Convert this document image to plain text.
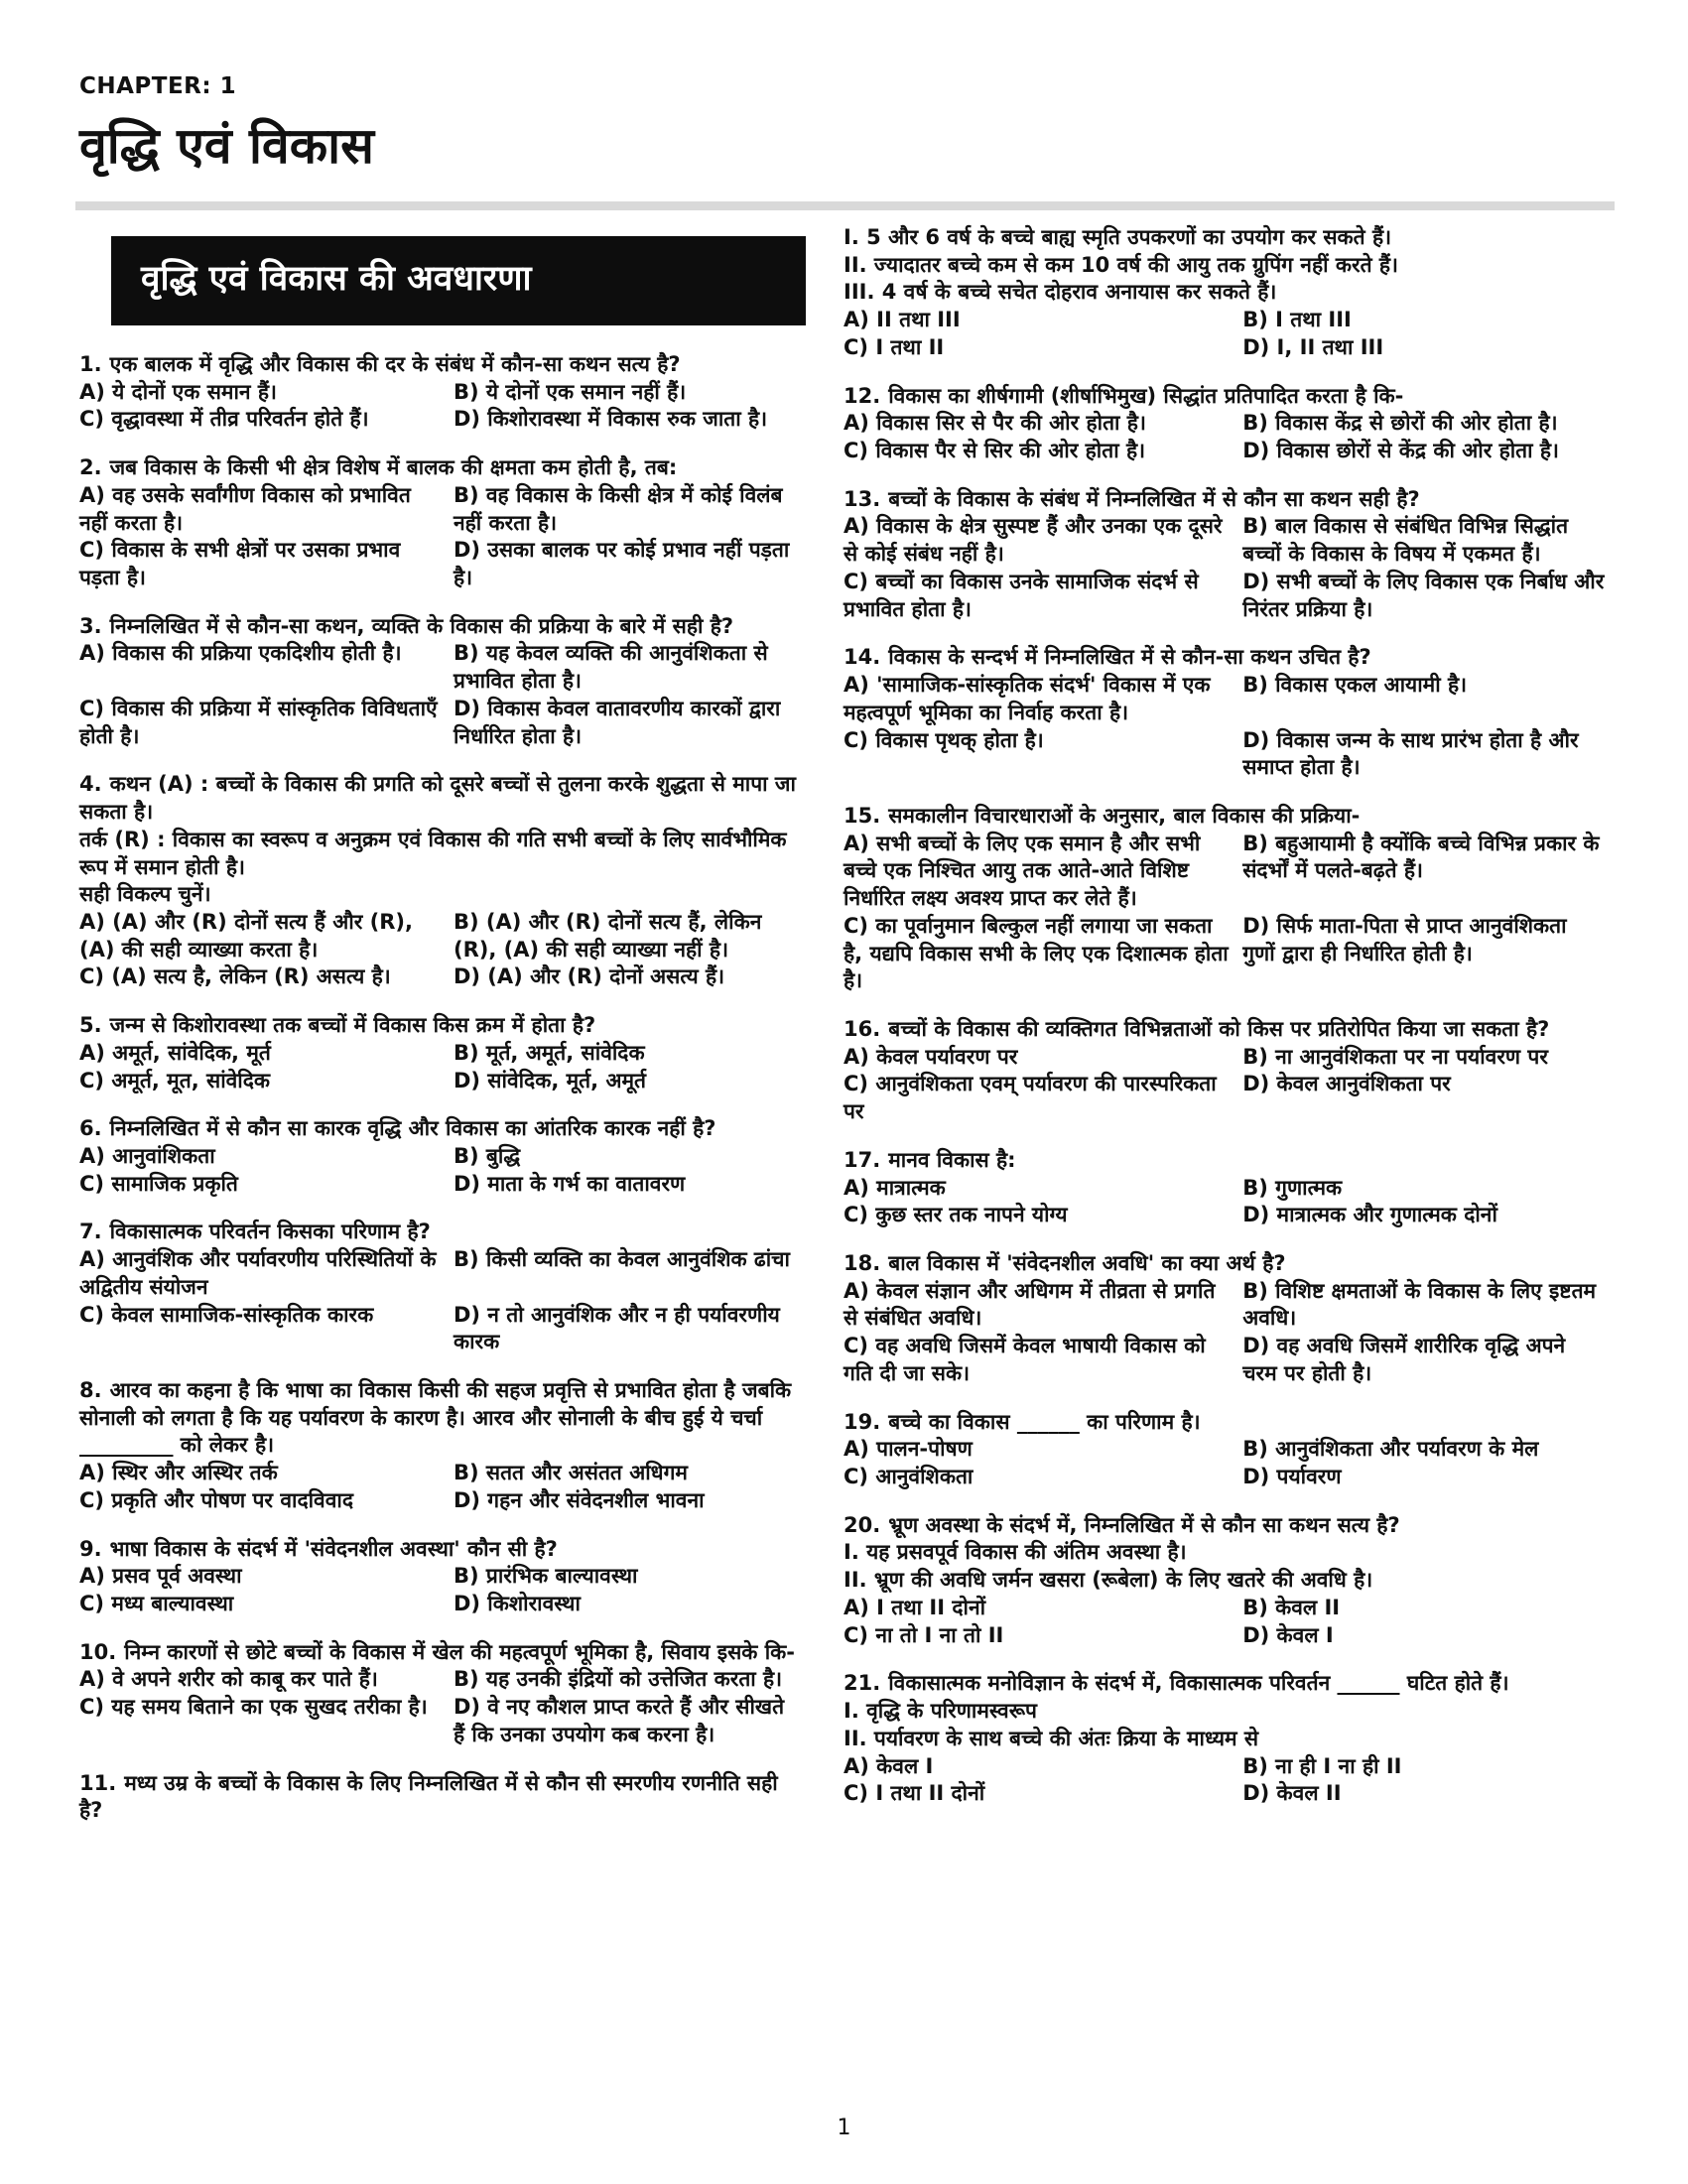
CHAPTER: 1
वृद्धि एवं विकास
वृद्धि एवं विकास की अवधारणा
1. एक बालक में वृद्धि और विकास की दर के संबंध में कौन-सा कथन सत्य है?
A) ये दोनों एक समान हैं।	B) ये दोनों एक समान नहीं हैं।
C) वृद्धावस्था में तीव्र परिवर्तन होते हैं।	D) किशोरावस्था में विकास रुक जाता है।
2. जब विकास के किसी भी क्षेत्र विशेष में बालक की क्षमता कम होती है, तब:
A) वह उसके सर्वांगीण विकास को प्रभावित नहीं करता है।
B) वह विकास के किसी क्षेत्र में कोई विलंब नहीं करता है।
C) विकास के सभी क्षेत्रों पर उसका प्रभाव पड़ता है।
D) उसका बालक पर कोई प्रभाव नहीं पड़ता है।
3. निम्नलिखित में से कौन-सा कथन, व्यक्ति के विकास की प्रक्रिया के बारे में सही है?
A) विकास की प्रक्रिया एकदिशीय होती है।	B) यह केवल व्यक्ति की आनुवंशिकता से प्रभावित होता है।
C) विकास की प्रक्रिया में सांस्कृतिक विविधताएँ होती है।
D) विकास केवल वातावरणीय कारकों द्वारा निर्धारित होता है।
4. कथन (A) : बच्चों के विकास की प्रगति को दूसरे बच्चों से तुलना करके शुद्धता से मापा जा सकता है।
तर्क (R) : विकास का स्वरूप व अनुक्रम एवं विकास की गति सभी बच्चों के लिए सार्वभौमिक रूप में समान होती है।
सही विकल्प चुनें।
A) (A) और (R) दोनों सत्य हैं और (R), (A) की सही व्याख्या करता है।
B) (A) और (R) दोनों सत्य हैं, लेकिन (R), (A) की सही व्याख्या नहीं है।
C) (A) सत्य है, लेकिन (R) असत्य है।	D) (A) और (R) दोनों असत्य हैं।
5. जन्म से किशोरावस्था तक बच्चों में विकास किस क्रम में होता है?
A) अमूर्त, सांवेदिक, मूर्त	B) मूर्त, अमूर्त, सांवेदिक
C) अमूर्त, मूत, सांवेदिक	D) सांवेदिक, मूर्त, अमूर्त
6. निम्नलिखित में से कौन सा कारक वृद्धि और विकास का आंतरिक कारक नहीं है?
A) आनुवांशिकता	B) बुद्धि
C) सामाजिक प्रकृति	D) माता के गर्भ का वातावरण
7. विकासात्मक परिवर्तन किसका परिणाम है?
A) आनुवंशिक और पर्यावरणीय परिस्थितियों के अद्वितीय संयोजन
B) किसी व्यक्ति का केवल आनुवंशिक ढांचा
C) केवल सामाजिक-सांस्कृतिक कारक	D) न तो आनुवंशिक और न ही पर्यावरणीय कारक
8. आरव का कहना है कि भाषा का विकास किसी की सहज प्रवृत्ति से प्रभावित होता है जबकि सोनाली को लगता है कि यह पर्यावरण के कारण है। आरव और सोनाली के बीच हुई ये चर्चा _________ को लेकर है।
A) स्थिर और अस्थिर तर्क	B) सतत और असंतत अधिगम
C) प्रकृति और पोषण पर वादविवाद	D) गहन और संवेदनशील भावना
9. भाषा विकास के संदर्भ में 'संवेदनशील अवस्था' कौन सी है?
A) प्रसव पूर्व अवस्था	B) प्रारंभिक बाल्यावस्था
C) मध्य बाल्यावस्था	D) किशोरावस्था
10. निम्न कारणों से छोटे बच्चों के विकास में खेल की महत्वपूर्ण भूमिका है, सिवाय इसके कि-
A) वे अपने शरीर को काबू कर पाते हैं।	B) यह उनकी इंद्रियों को उत्तेजित करता है।
C) यह समय बिताने का एक सुखद तरीका है।	D) वे नए कौशल प्राप्त करते हैं और सीखते हैं कि उनका उपयोग कब करना है।
11. मध्य उम्र के बच्चों के विकास के लिए निम्नलिखित में से कौन सी स्मरणीय रणनीति सही है?
I. 5 और 6 वर्ष के बच्चे बाह्य स्मृति उपकरणों का उपयोग कर सकते हैं।
II. ज्यादातर बच्चे कम से कम 10 वर्ष की आयु तक ग्रुपिंग नहीं करते हैं।
III. 4 वर्ष के बच्चे सचेत दोहराव अनायास कर सकते हैं।
A) II तथा III	B) I तथा III
C) I तथा II	D) I, II तथा III
12. विकास का शीर्षगामी (शीर्षाभिमुख) सिद्धांत प्रतिपादित करता है कि-
A) विकास सिर से पैर की ओर होता है।	B) विकास केंद्र से छोरों की ओर होता है।
C) विकास पैर से सिर की ओर होता है।	D) विकास छोरों से केंद्र की ओर होता है।
13. बच्चों के विकास के संबंध में निम्नलिखित में से कौन सा कथन सही है?
A) विकास के क्षेत्र सुस्पष्ट हैं और उनका एक दूसरे से कोई संबंध नहीं है।
B) बाल विकास से संबंधित विभिन्न सिद्धांत बच्चों के विकास के विषय में एकमत हैं।
C) बच्चों का विकास उनके सामाजिक संदर्भ से प्रभावित होता है।
D) सभी बच्चों के लिए विकास एक निर्बाध और निरंतर प्रक्रिया है।
14. विकास के सन्दर्भ में निम्नलिखित में से कौन-सा कथन उचित है?
A) 'सामाजिक-सांस्कृतिक संदर्भ' विकास में एक महत्वपूर्ण भूमिका का निर्वाह करता है।
B) विकास एकल आयामी है।
C) विकास पृथक् होता है।	D) विकास जन्म के साथ प्रारंभ होता है और समाप्त होता है।
15. समकालीन विचारधाराओं के अनुसार, बाल विकास की प्रक्रिया-
A) सभी बच्चों के लिए एक समान है और सभी बच्चे एक निश्चित आयु तक आते-आते विशिष्ट निर्धारित लक्ष्य अवश्य प्राप्त कर लेते हैं।
B) बहुआयामी है क्योंकि बच्चे विभिन्न प्रकार के संदर्भों में पलते-बढ़ते हैं।
C) का पूर्वानुमान बिल्कुल नहीं लगाया जा सकता है, यद्यपि विकास सभी के लिए एक दिशात्मक होता है।
D) सिर्फ माता-पिता से प्राप्त आनुवंशिकता गुणों द्वारा ही निर्धारित होती है।
16. बच्चों के विकास की व्यक्तिगत विभिन्नताओं को किस पर प्रतिरोपित किया जा सकता है?
A) केवल पर्यावरण पर	B) ना आनुवंशिकता पर ना पर्यावरण पर
C) आनुवंशिकता एवम् पर्यावरण की पारस्परिकता पर
D) केवल आनुवंशिकता पर
17. मानव विकास है:
A) मात्रात्मक	B) गुणात्मक
C) कुछ स्तर तक नापने योग्य	D) मात्रात्मक और गुणात्मक दोनों
18. बाल विकास में 'संवेदनशील अवधि' का क्या अर्थ है?
A) केवल संज्ञान और अधिगम में तीव्रता से प्रगति से संबंधित अवधि।
B) विशिष्ट क्षमताओं के विकास के लिए इष्टतम अवधि।
C) वह अवधि जिसमें केवल भाषायी विकास को गति दी जा सके।
D) वह अवधि जिसमें शारीरिक वृद्धि अपने चरम पर होती है।
19. बच्चे का विकास ______ का परिणाम है।
A) पालन-पोषण	B) आनुवंशिकता और पर्यावरण के मेल
C) आनुवंशिकता	D) पर्यावरण
20. भ्रूण अवस्था के संदर्भ में, निम्नलिखित में से कौन सा कथन सत्य है?
I. यह प्रसवपूर्व विकास की अंतिम अवस्था है।
II. भ्रूण की अवधि जर्मन खसरा (रूबेला) के लिए खतरे की अवधि है।
A) I तथा II दोनों	B) केवल II
C) ना तो I ना तो II	D) केवल I
21. विकासात्मक मनोविज्ञान के संदर्भ में, विकासात्मक परिवर्तन ______ घटित होते हैं।
I. वृद्धि के परिणामस्वरूप
II. पर्यावरण के साथ बच्चे की अंतः क्रिया के माध्यम से
A) केवल I	B) ना ही I ना ही II
C) I तथा II दोनों	D) केवल II
1
